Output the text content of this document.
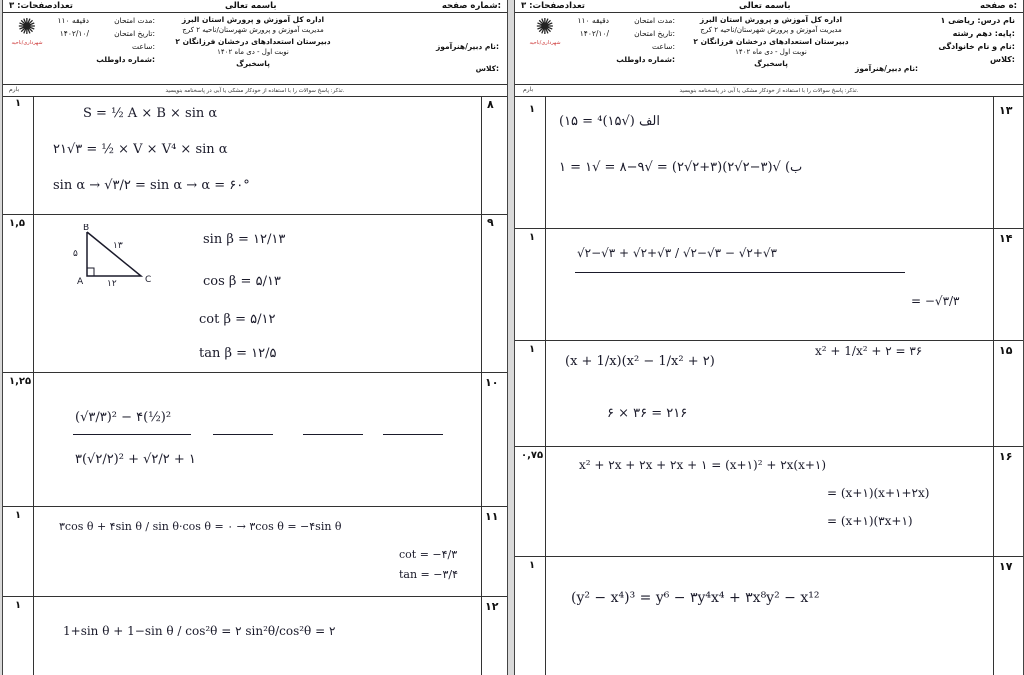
تعدادصفحات: ۳	باسمه تعالی	شماره صفحه:
✺
شهرداری/ناحیه
مدت امتحان:
تاریخ امتحان:
ساعت:
شماره داوطلب:
۱۱۰ دقیقه
۱۴۰۲/۱۰/
اداره کل آموزش و پرورش استان البرز
مدیریت آموزش و پرورش شهرستان/ناحیه ۲ کرج
دبیرستان استعدادهای درخشان فرزانگان ۲
نوبت اول - دی ماه ۱۴۰۲
پاسخبرگ
نام دبیر/هنرآموز:
کلاس:
تذکر: پاسخ سوالات را با استفاده از خودکار مشکی یا آبی در پاسخنامه بنویسید.
بارم
۱	۸
S = ½ A × B × sin α
۲۱√۳ = ½ × V × V⁴ × sin α
sin α → √۳/۲ = sin α → α = ۶۰°
۱,۵	۹
B
A	C
۵
۱۳
۱۲
sin β = ۱۲/۱۳
cos β = ۵/۱۳
cot β = ۵/۱۲
tan β = ۱۲/۵
۱,۲۵	۱۰
(√۳/۳)² − ۴(½)²
۳(√۲/۲)² + √۲/۲ + ۱
۱	۱۱
۳cos θ + ۴sin θ / sin θ·cos θ = ۰ → ۳cos θ = −۴sin θ
cot = −۴/۳
tan = −۳/۴
۱	۱۲
1+sin θ + 1−sin θ / cos²θ = ۲ sin²θ/cos²θ = ۲
تعدادصفحات: ۳	باسمه تعالی	ه صفحه:
✺
شهرداری/ناحیه
مدت امتحان:
تاریخ امتحان:
ساعت:
شماره داوطلب:
۱۱۰ دقیقه
۱۴۰۲/۱۰/
اداره کل آموزش و پرورش استان البرز
مدیریت آموزش و پرورش شهرستان/ناحیه ۲ کرج
دبیرستان استعدادهای درخشان فرزانگان ۲
نوبت اول - دی ماه ۱۴۰۲
پاسخبرگ
نام درس: ریاضی ۱
پایه: دهم رشته:
نام و نام خانوادگی:
کلاس:
نام دبیر/هنرآموز:
تذکر: پاسخ سوالات را با استفاده از خودکار مشکی یا آبی در پاسخنامه بنویسید.
بارم
۱	۱۳
(الف (√۱۵)⁴ = ۱۵
ب) √(۳−۲√۲)(۳+۲√۲) = √۹−۸ = √۱ = ۱
۱	۱۴
√۲−√۳ + √۲+√۳ / √۲−√۳ − √۲+√۳
= −√۳/۳
۱	۱۵
(x + 1/x)(x² − 1/x² + ۲)
x² + 1/x² + ۲ = ۳۶
۶ × ۳۶ = ۲۱۶
۰,۷۵	۱۶
x² + ۲x + ۲x + ۲x + ۱ = (x+۱)² + ۲x(x+۱)
= (x+۱)(x+۱+۲x)
= (x+۱)(۳x+۱)
۱	۱۷
(y² − x⁴)³ = y⁶ − ۳y⁴x⁴ + ۳x⁸y² − x¹²
